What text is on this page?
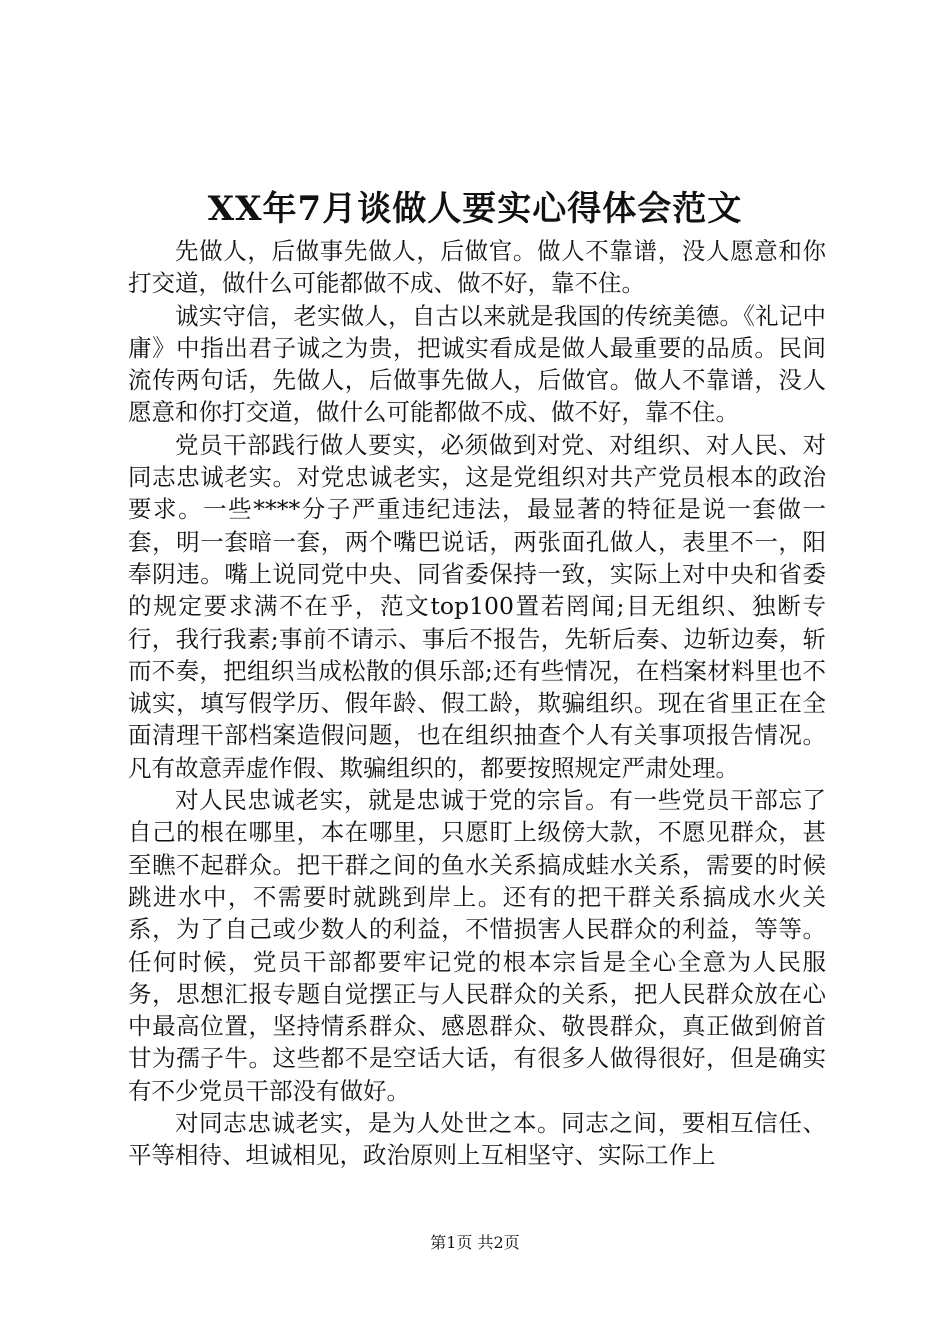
XX年7月谈做人要实心得体会范文

先做人，后做事先做人，后做官。做人不靠谱，没人愿意和你打交道，做什么可能都做不成、做不好，靠不住。

诚实守信，老实做人，自古以来就是我国的传统美德。《礼记中庸》中指出君子诚之为贵，把诚实看成是做人最重要的品质。民间流传两句话，先做人，后做事先做人，后做官。做人不靠谱，没人愿意和你打交道，做什么可能都做不成、做不好，靠不住。

党员干部践行做人要实，必须做到对党、对组织、对人民、对同志忠诚老实。对党忠诚老实，这是党组织对共产党员根本的政治要求。一些****分子严重违纪违法，最显著的特征是说一套做一套，明一套暗一套，两个嘴巴说话，两张面孔做人，表里不一，阳奉阴违。嘴上说同党中央、同省委保持一致，实际上对中央和省委的规定要求满不在乎，范文top100置若罔闻;目无组织、独断专行，我行我素;事前不请示、事后不报告，先斩后奏、边斩边奏，斩而不奏，把组织当成松散的俱乐部;还有些情况，在档案材料里也不诚实，填写假学历、假年龄、假工龄，欺骗组织。现在省里正在全面清理干部档案造假问题，也在组织抽查个人有关事项报告情况。凡有故意弄虚作假、欺骗组织的，都要按照规定严肃处理。

对人民忠诚老实，就是忠诚于党的宗旨。有一些党员干部忘了自己的根在哪里，本在哪里，只愿盯上级傍大款，不愿见群众，甚至瞧不起群众。把干群之间的鱼水关系搞成蛙水关系，需要的时候跳进水中，不需要时就跳到岸上。还有的把干群关系搞成水火关系，为了自己或少数人的利益，不惜损害人民群众的利益，等等。任何时候，党员干部都要牢记党的根本宗旨是全心全意为人民服务，思想汇报专题自觉摆正与人民群众的关系，把人民群众放在心中最高位置，坚持情系群众、感恩群众、敬畏群众，真正做到俯首甘为孺子牛。这些都不是空话大话，有很多人做得很好，但是确实有不少党员干部没有做好。

对同志忠诚老实，是为人处世之本。同志之间，要相互信任、平等相待、坦诚相见，政治原则上互相坚守、实际工作上

第1页 共2页
